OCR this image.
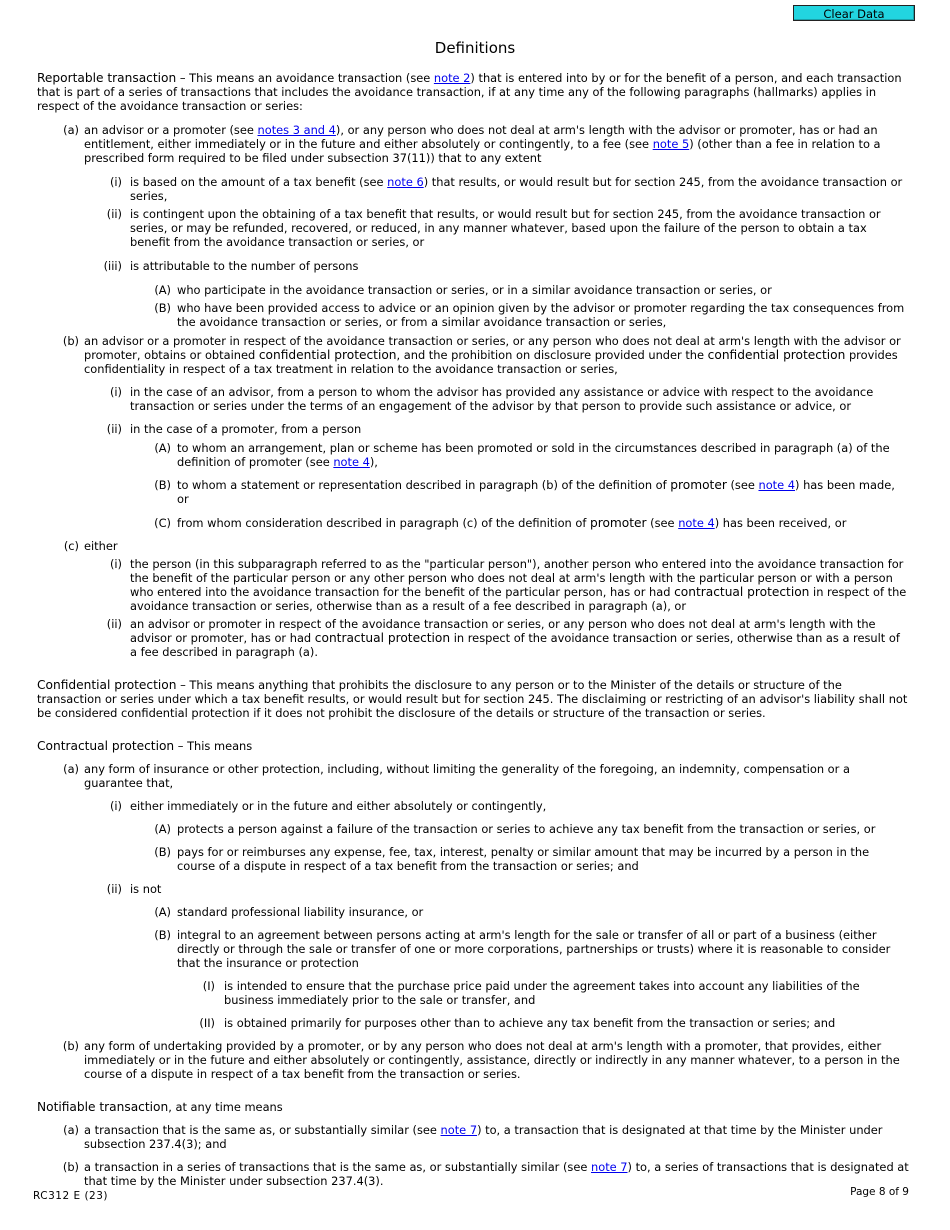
Clear Data
Definitions
Reportable transaction – This means an avoidance transaction (see note 2) that is entered into by or for the benefit of a person, and each transaction that is part of a series of transactions that includes the avoidance transaction, if at any time any of the following paragraphs (hallmarks) applies in respect of the avoidance transaction or series:
(a) an advisor or a promoter (see notes 3 and 4), or any person who does not deal at arm's length with the advisor or promoter, has or had an entitlement, either immediately or in the future and either absolutely or contingently, to a fee (see note 5) (other than a fee in relation to a prescribed form required to be filed under subsection 37(11)) that to any extent
(i) is based on the amount of a tax benefit (see note 6) that results, or would result but for section 245, from the avoidance transaction or series,
(ii) is contingent upon the obtaining of a tax benefit that results, or would result but for section 245, from the avoidance transaction or series, or may be refunded, recovered, or reduced, in any manner whatever, based upon the failure of the person to obtain a tax benefit from the avoidance transaction or series, or
(iii) is attributable to the number of persons
(A) who participate in the avoidance transaction or series, or in a similar avoidance transaction or series, or
(B) who have been provided access to advice or an opinion given by the advisor or promoter regarding the tax consequences from the avoidance transaction or series, or from a similar avoidance transaction or series,
(b) an advisor or a promoter in respect of the avoidance transaction or series, or any person who does not deal at arm's length with the advisor or promoter, obtains or obtained confidential protection, and the prohibition on disclosure provided under the confidential protection provides confidentiality in respect of a tax treatment in relation to the avoidance transaction or series,
(i) in the case of an advisor, from a person to whom the advisor has provided any assistance or advice with respect to the avoidance transaction or series under the terms of an engagement of the advisor by that person to provide such assistance or advice, or
(ii) in the case of a promoter, from a person
(A) to whom an arrangement, plan or scheme has been promoted or sold in the circumstances described in paragraph (a) of the definition of promoter (see note 4),
(B) to whom a statement or representation described in paragraph (b) of the definition of promoter (see note 4) has been made, or
(C) from whom consideration described in paragraph (c) of the definition of promoter (see note 4) has been received, or
(c) either
(i) the person (in this subparagraph referred to as the "particular person"), another person who entered into the avoidance transaction for the benefit of the particular person or any other person who does not deal at arm's length with the particular person or with a person who entered into the avoidance transaction for the benefit of the particular person, has or had contractual protection in respect of the avoidance transaction or series, otherwise than as a result of a fee described in paragraph (a), or
(ii) an advisor or promoter in respect of the avoidance transaction or series, or any person who does not deal at arm's length with the advisor or promoter, has or had contractual protection in respect of the avoidance transaction or series, otherwise than as a result of a fee described in paragraph (a).
Confidential protection – This means anything that prohibits the disclosure to any person or to the Minister of the details or structure of the transaction or series under which a tax benefit results, or would result but for section 245. The disclaiming or restricting of an advisor's liability shall not be considered confidential protection if it does not prohibit the disclosure of the details or structure of the transaction or series.
Contractual protection – This means
(a) any form of insurance or other protection, including, without limiting the generality of the foregoing, an indemnity, compensation or a guarantee that,
(i) either immediately or in the future and either absolutely or contingently,
(A) protects a person against a failure of the transaction or series to achieve any tax benefit from the transaction or series, or
(B) pays for or reimburses any expense, fee, tax, interest, penalty or similar amount that may be incurred by a person in the course of a dispute in respect of a tax benefit from the transaction or series; and
(ii) is not
(A) standard professional liability insurance, or
(B) integral to an agreement between persons acting at arm's length for the sale or transfer of all or part of a business (either directly or through the sale or transfer of one or more corporations, partnerships or trusts) where it is reasonable to consider that the insurance or protection
(I) is intended to ensure that the purchase price paid under the agreement takes into account any liabilities of the business immediately prior to the sale or transfer, and
(II) is obtained primarily for purposes other than to achieve any tax benefit from the transaction or series; and
(b) any form of undertaking provided by a promoter, or by any person who does not deal at arm's length with a promoter, that provides, either immediately or in the future and either absolutely or contingently, assistance, directly or indirectly in any manner whatever, to a person in the course of a dispute in respect of a tax benefit from the transaction or series.
Notifiable transaction, at any time means
(a) a transaction that is the same as, or substantially similar (see note 7) to, a transaction that is designated at that time by the Minister under subsection 237.4(3); and
(b) a transaction in a series of transactions that is the same as, or substantially similar (see note 7) to, a series of transactions that is designated at that time by the Minister under subsection 237.4(3).
RC312 E (23)	Page 8 of 9
